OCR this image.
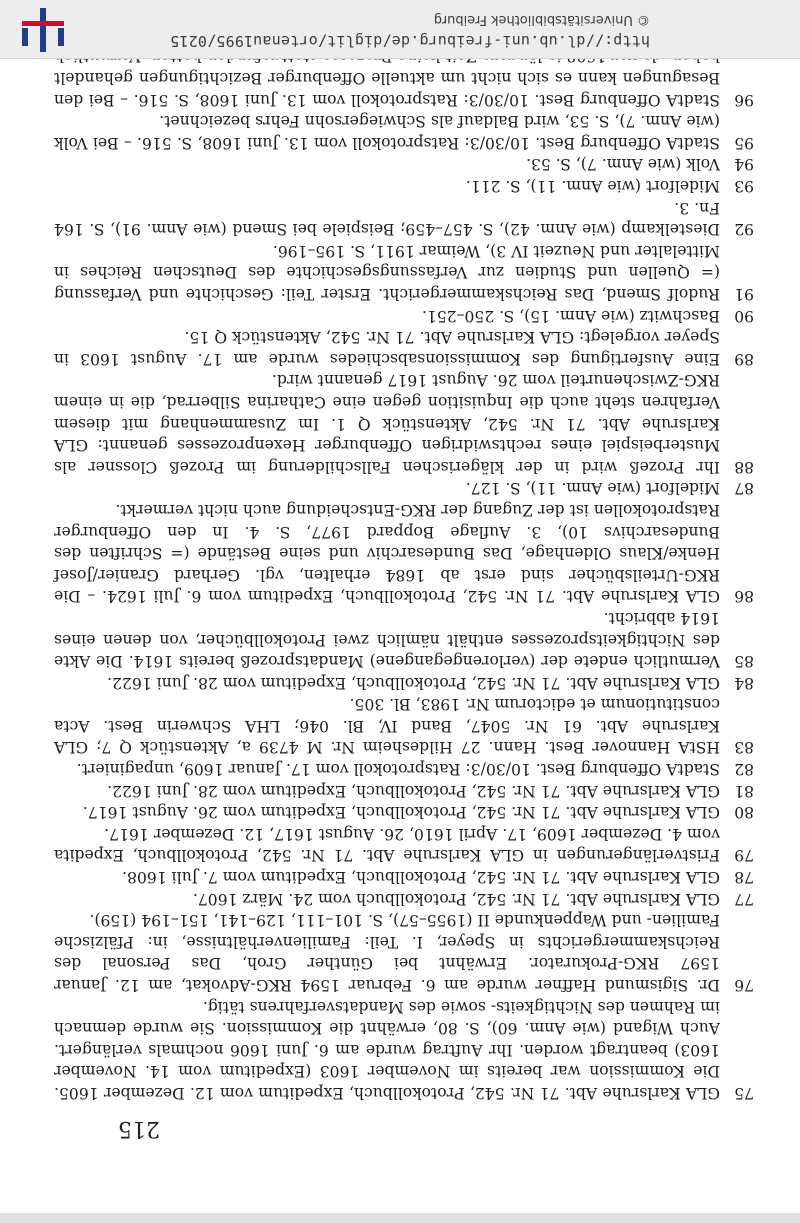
75
GLA Karlsruhe Abt. 71 Nr. 542, Protokollbuch, Expeditum vom 12. Dezember 1605. Die Kommission war bereits im November 1603 (Expeditum vom 14. November 1603) beantragt worden. Ihr Auftrag wurde am 6. Juni 1606 nochmals verlängert. Auch Wigand (wie Anm. 60), S. 80, erwähnt die Kommission. Sie wurde demnach im Rahmen des Nichtigkeits- sowie des Mandatsverfahrens tätig.
76
Dr. Sigismund Haffner wurde am 6. Februar 1594 RKG-Advokat, am 12. Januar 1597 RKG-Prokurator. Erwähnt bei Günther Groh, Das Personal des Reichskammergerichts in Speyer, I. Teil: Familienverhältnisse, in: Pfälzische Familien- und Wappenkunde II (1955–57), S. 101–111, 129–141, 151–194 (159).
77
GLA Karlsruhe Abt. 71 Nr. 542, Protokollbuch vom 24. März 1607.
78
GLA Karlsruhe Abt. 71 Nr. 542, Protokollbuch, Expeditum vom 7. Juli 1608.
79
Fristverlängerungen in GLA Karlsruhe Abt. 71 Nr. 542, Protokollbuch, Expedita vom 4. Dezember 1609, 17. April 1610, 26. August 1617, 12. Dezember 1617.
80
GLA Karlsruhe Abt. 71 Nr. 542, Protokollbuch, Expeditum vom 26. August 1617.
81
GLA Karlsruhe Abt. 71 Nr. 542, Protokollbuch, Expeditum vom 28. Juni 1622.
82
StadtA Offenburg Best. 10/30/3: Ratsprotokoll vom 17. Januar 1609, unpaginiert.
83
HStA Hannover Best. Hann. 27 Hildesheim Nr. M 4739 a, Aktenstück Q 7; GLA Karlsruhe Abt. 61 Nr. 5047, Band IV, Bl. 046; LHA Schwerin Best. Acta constitutionum et edictorum Nr. 1983, Bl. 305.
84
GLA Karlsruhe Abt. 71 Nr. 542, Protokollbuch, Expeditum vom 28. Juni 1622.
85
Vermutlich endete der (verlorengegangene) Mandatsprozeß bereits 1614. Die Akte des Nichtigkeitsprozesses enthält nämlich zwei Protokollbücher, von denen eines 1614 abbricht.
86
GLA Karlsruhe Abt. 71 Nr. 542, Protokollbuch, Expeditum vom 6. Juli 1624. – Die RKG-Urteilsbücher sind erst ab 1684 erhalten, vgl. Gerhard Granier/Josef Henke/Klaus Oldenhage, Das Bundesarchiv und seine Bestände (= Schriften des Bundesarchivs 10), 3. Auflage Boppard 1977, S. 4. In den Offenburger Ratsprotokollen ist der Zugang der RKG-Entscheidung auch nicht vermerkt.
87
Midelfort (wie Anm. 11), S. 127.
88
Ihr Prozeß wird in der klägerischen Fallschilderung im Prozeß Clossner als Musterbeispiel eines rechtswidrigen Offenburger Hexenprozesses genannt: GLA Karlsruhe Abt. 71 Nr. 542, Aktenstück Q 1. Im Zusammenhang mit diesem Verfahren steht auch die Inquisition gegen eine Catharina Silberrad, die in einem RKG-Zwischenurteil vom 26. August 1617 genannt wird.
89
Eine Ausfertigung des Kommissionsabschiedes wurde am 17. August 1603 in Speyer vorgelegt: GLA Karlsruhe Abt. 71 Nr. 542, Aktenstück Q 15.
90
Baschwitz (wie Anm. 15), S. 250–251.
91
Rudolf Smend, Das Reichskammergericht. Erster Teil: Geschichte und Verfassung (= Quellen und Studien zur Verfassungsgeschichte des Deutschen Reiches in Mittelalter und Neuzeit IV 3), Weimar 1911, S. 195–196.
92
Diestelkamp (wie Anm. 42), S. 457–459; Beispiele bei Smend (wie Anm. 91), S. 164 Fn. 3.
93
Midelfort (wie Anm. 11), S. 211.
94
Volk (wie Anm. 7), S. 53.
95
StadtA Offenburg Best. 10/30/3: Ratsprotokoll vom 13. Juni 1608, S. 516. – Bei Volk (wie Anm. 7), S. 53, wird Baldauf als Schwiegersohn Fehrs bezeichnet.
96
StadtA Offenburg Best. 10/30/3: Ratsprotokoll vom 13. Juni 1608, S. 516. – Bei den Besagungen kann es sich nicht um aktuelle Offenburger Bezichtigungen gehandelt
215
http://dl.ub.uni-freiburg.de/diglit/ortenau1995/0215
© Universitätsbibliothek Freiburg
